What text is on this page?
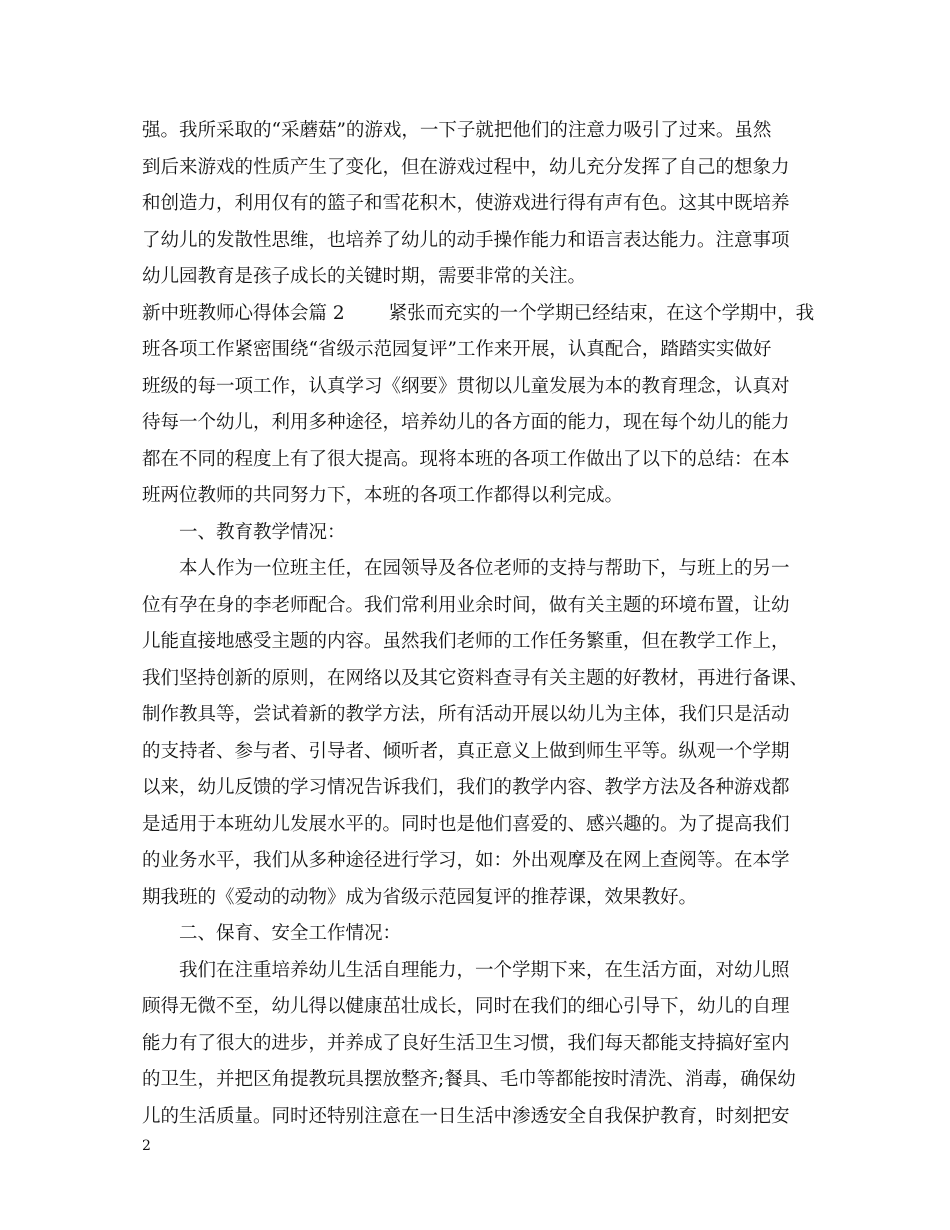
强。我所采取的“采蘑菇”的游戏，一下子就把他们的注意力吸引了过来。虽然
到后来游戏的性质产生了变化，但在游戏过程中，幼儿充分发挥了自己的想象力
和创造力，利用仅有的篮子和雪花积木，使游戏进行得有声有色。这其中既培养
了幼儿的发散性思维，也培养了幼儿的动手操作能力和语言表达能力。注意事项
幼儿园教育是孩子成长的关键时期，需要非常的关注。
新中班教师心得体会篇 2 紧张而充实的一个学期已经结束，在这个学期中，我
班各项工作紧密围绕“省级示范园复评”工作来开展，认真配合，踏踏实实做好
班级的每一项工作，认真学习《纲要》贯彻以儿童发展为本的教育理念，认真对
待每一个幼儿，利用多种途径，培养幼儿的各方面的能力，现在每个幼儿的能力
都在不同的程度上有了很大提高。现将本班的各项工作做出了以下的总结：在本
班两位教师的共同努力下，本班的各项工作都得以利完成。
一、教育教学情况：
本人作为一位班主任，在园领导及各位老师的支持与帮助下，与班上的另一
位有孕在身的李老师配合。我们常利用业余时间，做有关主题的环境布置，让幼
儿能直接地感受主题的内容。虽然我们老师的工作任务繁重，但在教学工作上，
我们坚持创新的原则，在网络以及其它资料查寻有关主题的好教材，再进行备课、
制作教具等，尝试着新的教学方法，所有活动开展以幼儿为主体，我们只是活动
的支持者、参与者、引导者、倾听者，真正意义上做到师生平等。纵观一个学期
以来，幼儿反馈的学习情况告诉我们，我们的教学内容、教学方法及各种游戏都
是适用于本班幼儿发展水平的。同时也是他们喜爱的、感兴趣的。为了提高我们
的业务水平，我们从多种途径进行学习，如：外出观摩及在网上查阅等。在本学
期我班的《爱动的动物》成为省级示范园复评的推荐课，效果教好。
二、保育、安全工作情况：
我们在注重培养幼儿生活自理能力，一个学期下来，在生活方面，对幼儿照
顾得无微不至，幼儿得以健康茁壮成长，同时在我们的细心引导下，幼儿的自理
能力有了很大的进步，并养成了良好生活卫生习惯，我们每天都能支持搞好室内
的卫生，并把区角提教玩具摆放整齐;餐具、毛巾等都能按时清洗、消毒，确保幼
儿的生活质量。同时还特别注意在一日生活中渗透安全自我保护教育，时刻把安
2
